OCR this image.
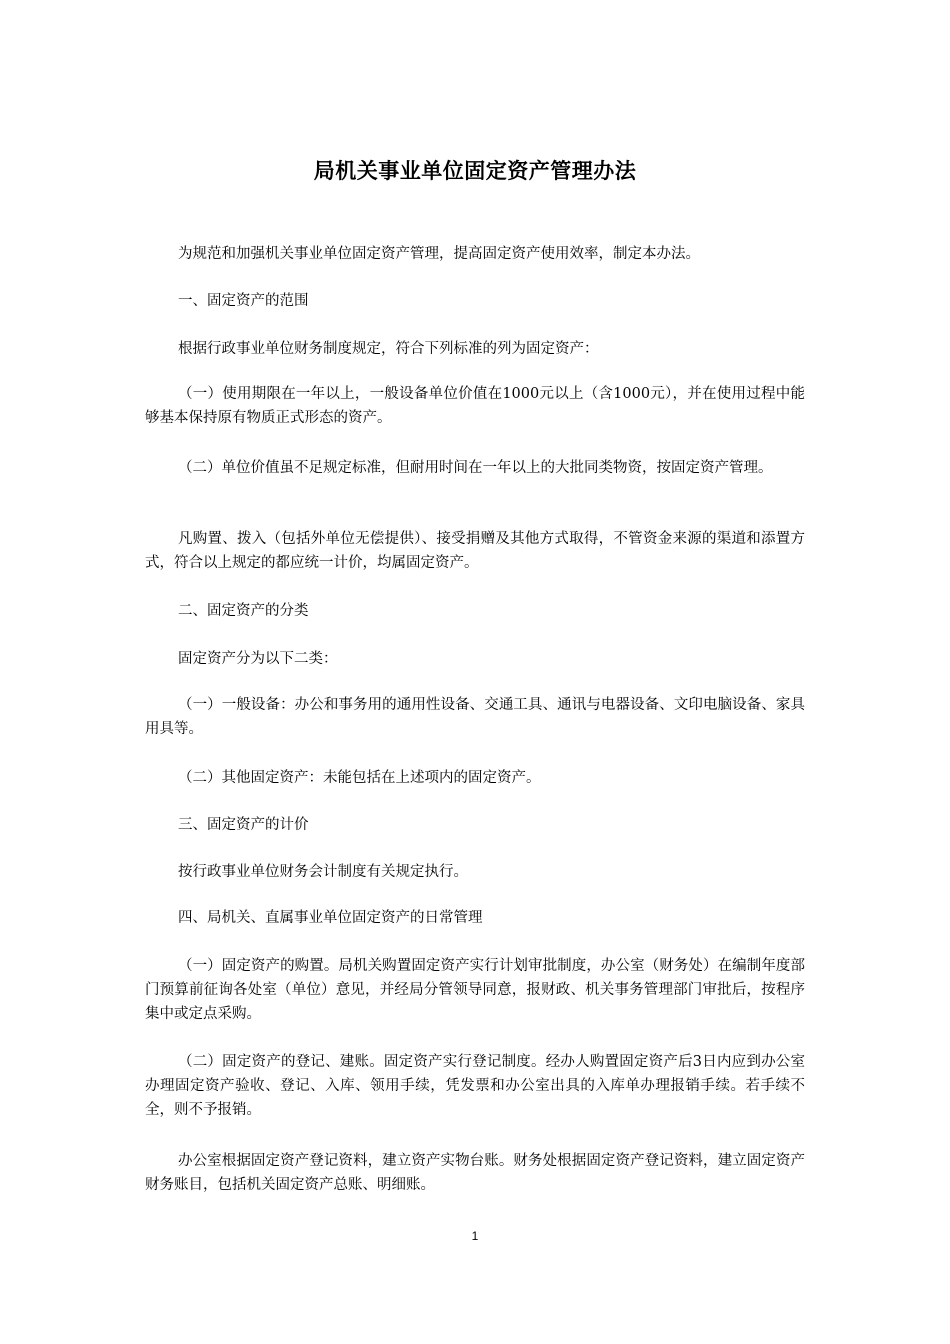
局机关事业单位固定资产管理办法

为规范和加强机关事业单位固定资产管理，提高固定资产使用效率，制定本办法。

一、固定资产的范围

根据行政事业单位财务制度规定，符合下列标准的列为固定资产：

（一）使用期限在一年以上，一般设备单位价值在1000元以上（含1000元），并在使用过程中能够基本保持原有物质正式形态的资产。

（二）单位价值虽不足规定标准，但耐用时间在一年以上的大批同类物资，按固定资产管理。

凡购置、拨入（包括外单位无偿提供）、接受捐赠及其他方式取得，不管资金来源的渠道和添置方式，符合以上规定的都应统一计价，均属固定资产。

二、固定资产的分类

固定资产分为以下二类：

（一）一般设备：办公和事务用的通用性设备、交通工具、通讯与电器设备、文印电脑设备、家具用具等。

（二）其他固定资产：未能包括在上述项内的固定资产。

三、固定资产的计价

按行政事业单位财务会计制度有关规定执行。

四、局机关、直属事业单位固定资产的日常管理

（一）固定资产的购置。局机关购置固定资产实行计划审批制度，办公室（财务处）在编制年度部门预算前征询各处室（单位）意见，并经局分管领导同意，报财政、机关事务管理部门审批后，按程序集中或定点采购。

（二）固定资产的登记、建账。固定资产实行登记制度。经办人购置固定资产后3日内应到办公室办理固定资产验收、登记、入库、领用手续，凭发票和办公室出具的入库单办理报销手续。若手续不全，则不予报销。

办公室根据固定资产登记资料，建立资产实物台账。财务处根据固定资产登记资料，建立固定资产财务账目，包括机关固定资产总账、明细账。

1
